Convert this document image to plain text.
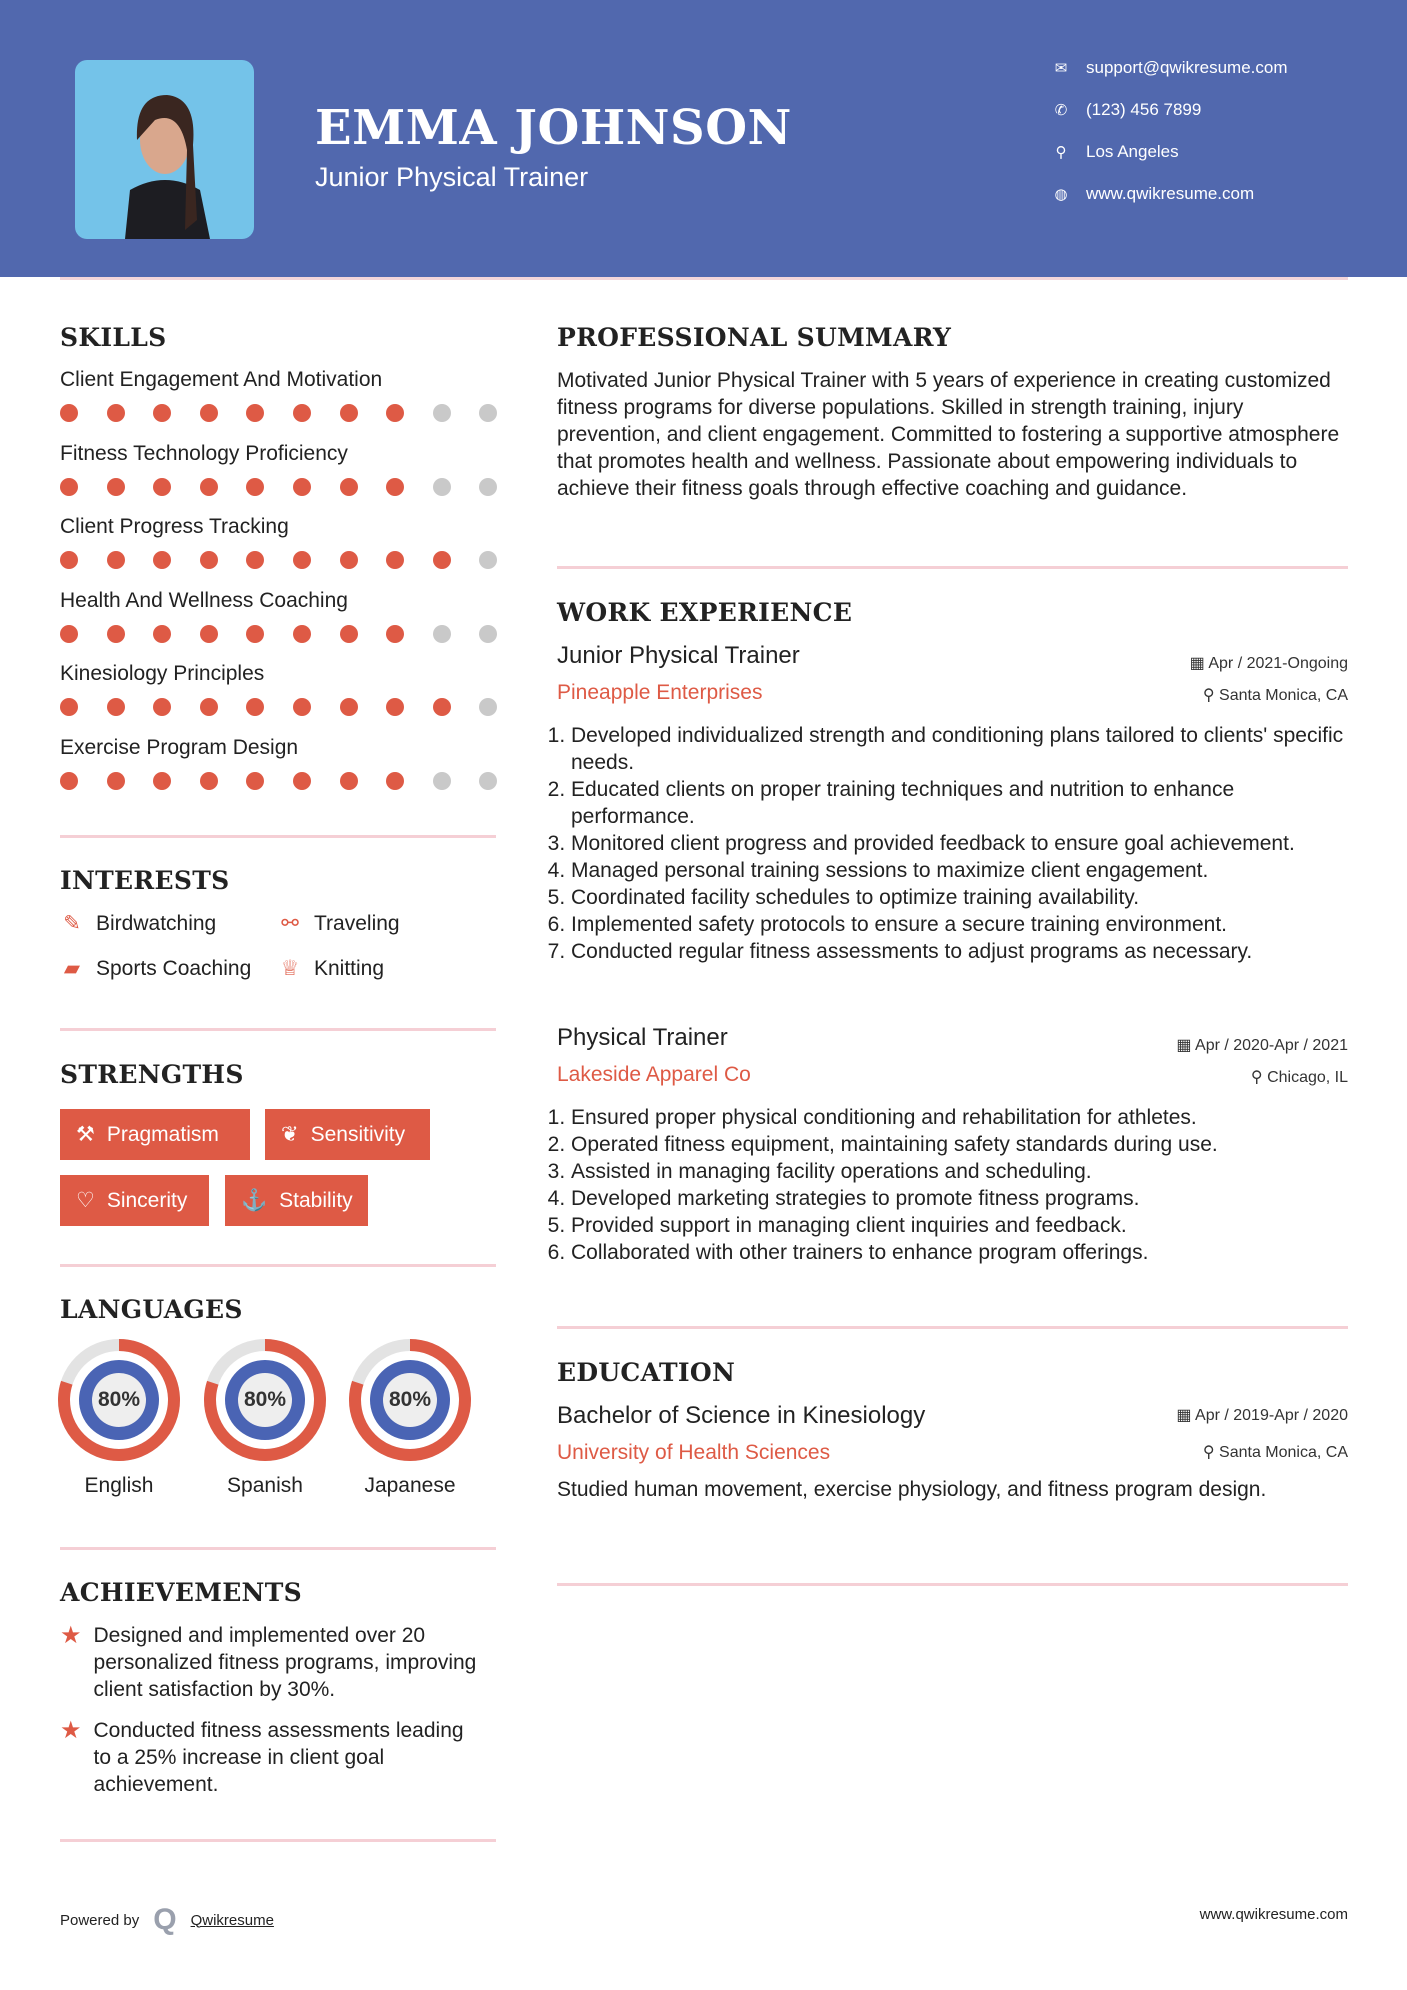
EMMA JOHNSON
Junior Physical Trainer
✉ support@qwikresume.com
✆ (123) 456 7899
⚲ Los Angeles
◍ www.qwikresume.com
SKILLS
Client Engagement And Motivation
Fitness Technology Proficiency
Client Progress Tracking
Health And Wellness Coaching
Kinesiology Principles
Exercise Program Design
INTERESTS
✎ Birdwatching	⚯ Traveling
▰ Sports Coaching ♕ Knitting
STRENGTHS
⚒ Pragmatism	❦ Sensitivity
♡ Sincerity	⚓ Stability
LANGUAGES
80%
English
80%
Spanish
80%
Japanese
ACHIEVEMENTS
★ Designed and implemented over 20 personalized fitness programs, improving client satisfaction by 30%.
★ Conducted fitness assessments leading to a 25% increase in client goal achievement.
PROFESSIONAL SUMMARY
Motivated Junior Physical Trainer with 5 years of experience in creating customized fitness programs for diverse populations. Skilled in strength training, injury prevention, and client engagement. Committed to fostering a supportive atmosphere that promotes health and wellness. Passionate about empowering individuals to achieve their fitness goals through effective coaching and guidance.
WORK EXPERIENCE
Junior Physical Trainer	▦ Apr / 2021-Ongoing
Pineapple Enterprises	⚲ Santa Monica, CA
1. Developed individualized strength and conditioning plans tailored to clients' specific needs.
2. Educated clients on proper training techniques and nutrition to enhance performance.
3. Monitored client progress and provided feedback to ensure goal achievement.
4. Managed personal training sessions to maximize client engagement.
5. Coordinated facility schedules to optimize training availability.
6. Implemented safety protocols to ensure a secure training environment.
7. Conducted regular fitness assessments to adjust programs as necessary.
Physical Trainer	▦ Apr / 2020-Apr / 2021
Lakeside Apparel Co	⚲ Chicago, IL
1. Ensured proper physical conditioning and rehabilitation for athletes.
2. Operated fitness equipment, maintaining safety standards during use.
3. Assisted in managing facility operations and scheduling.
4. Developed marketing strategies to promote fitness programs.
5. Provided support in managing client inquiries and feedback.
6. Collaborated with other trainers to enhance program offerings.
EDUCATION
Bachelor of Science in Kinesiology	▦ Apr / 2019-Apr / 2020
University of Health Sciences	⚲ Santa Monica, CA
Studied human movement, exercise physiology, and fitness program design.
Powered by Q Qwikresume	www.qwikresume.com
